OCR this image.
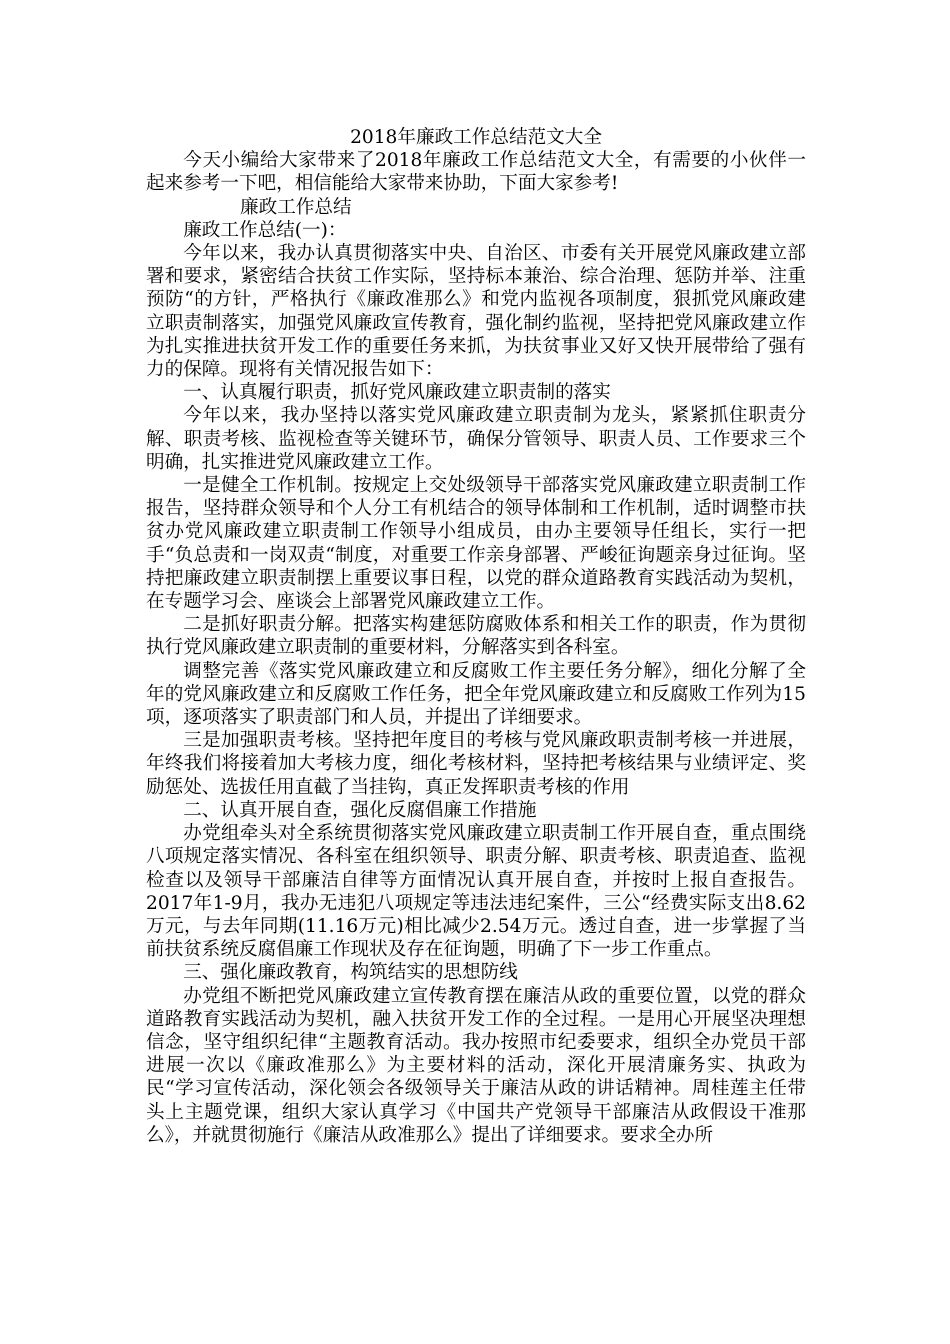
2018年廉政工作总结范文大全

今天小编给大家带来了2018年廉政工作总结范文大全，有需要的小伙伴一起来参考一下吧，相信能给大家带来协助，下面大家参考!

廉政工作总结

廉政工作总结(一)：

今年以来，我办认真贯彻落实中央、自治区、市委有关开展党风廉政建立部署和要求，紧密结合扶贫工作实际，坚持标本兼治、综合治理、惩防并举、注重预防“的方针，严格执行《廉政准那么》和党内监视各项制度，狠抓党风廉政建立职责制落实，加强党风廉政宣传教育，强化制约监视，坚持把党风廉政建立作为扎实推进扶贫开发工作的重要任务来抓，为扶贫事业又好又快开展带给了强有力的保障。现将有关情况报告如下：

一、认真履行职责，抓好党风廉政建立职责制的落实

今年以来，我办坚持以落实党风廉政建立职责制为龙头，紧紧抓住职责分解、职责考核、监视检查等关键环节，确保分管领导、职责人员、工作要求三个明确，扎实推进党风廉政建立工作。

一是健全工作机制。按规定上交处级领导干部落实党风廉政建立职责制工作报告，坚持群众领导和个人分工有机结合的领导体制和工作机制，适时调整市扶贫办党风廉政建立职责制工作领导小组成员，由办主要领导任组长，实行一把手“负总责和一岗双责“制度，对重要工作亲身部署、严峻征询题亲身过征询。坚持把廉政建立职责制摆上重要议事日程，以党的群众道路教育实践活动为契机，在专题学习会、座谈会上部署党风廉政建立工作。

二是抓好职责分解。把落实构建惩防腐败体系和相关工作的职责，作为贯彻执行党风廉政建立职责制的重要材料，分解落实到各科室。

调整完善《落实党风廉政建立和反腐败工作主要任务分解》，细化分解了全年的党风廉政建立和反腐败工作任务，把全年党风廉政建立和反腐败工作列为15项，逐项落实了职责部门和人员，并提出了详细要求。

三是加强职责考核。坚持把年度目的考核与党风廉政职责制考核一并进展，年终我们将接着加大考核力度，细化考核材料，坚持把考核结果与业绩评定、奖励惩处、选拔任用直截了当挂钩，真正发挥职责考核的作用

二、认真开展自查，强化反腐倡廉工作措施

办党组牵头对全系统贯彻落实党风廉政建立职责制工作开展自查，重点围绕八项规定落实情况、各科室在组织领导、职责分解、职责考核、职责追查、监视检查以及领导干部廉洁自律等方面情况认真开展自查，并按时上报自查报告。2017年1-9月，我办无违犯八项规定等违法违纪案件，三公“经费实际支出8.62万元，与去年同期(11.16万元)相比减少2.54万元。透过自查，进一步掌握了当前扶贫系统反腐倡廉工作现状及存在征询题，明确了下一步工作重点。

三、强化廉政教育，构筑结实的思想防线

办党组不断把党风廉政建立宣传教育摆在廉洁从政的重要位置，以党的群众道路教育实践活动为契机，融入扶贫开发工作的全过程。一是用心开展坚决理想信念，坚守组织纪律“主题教育活动。我办按照市纪委要求，组织全办党员干部进展一次以《廉政准那么》为主要材料的活动，深化开展清廉务实、执政为民“学习宣传活动，深化领会各级领导关于廉洁从政的讲话精神。周桂莲主任带头上主题党课，组织大家认真学习《中国共产党领导干部廉洁从政假设干准那么》，并就贯彻施行《廉洁从政准那么》提出了详细要求。要求全办所
